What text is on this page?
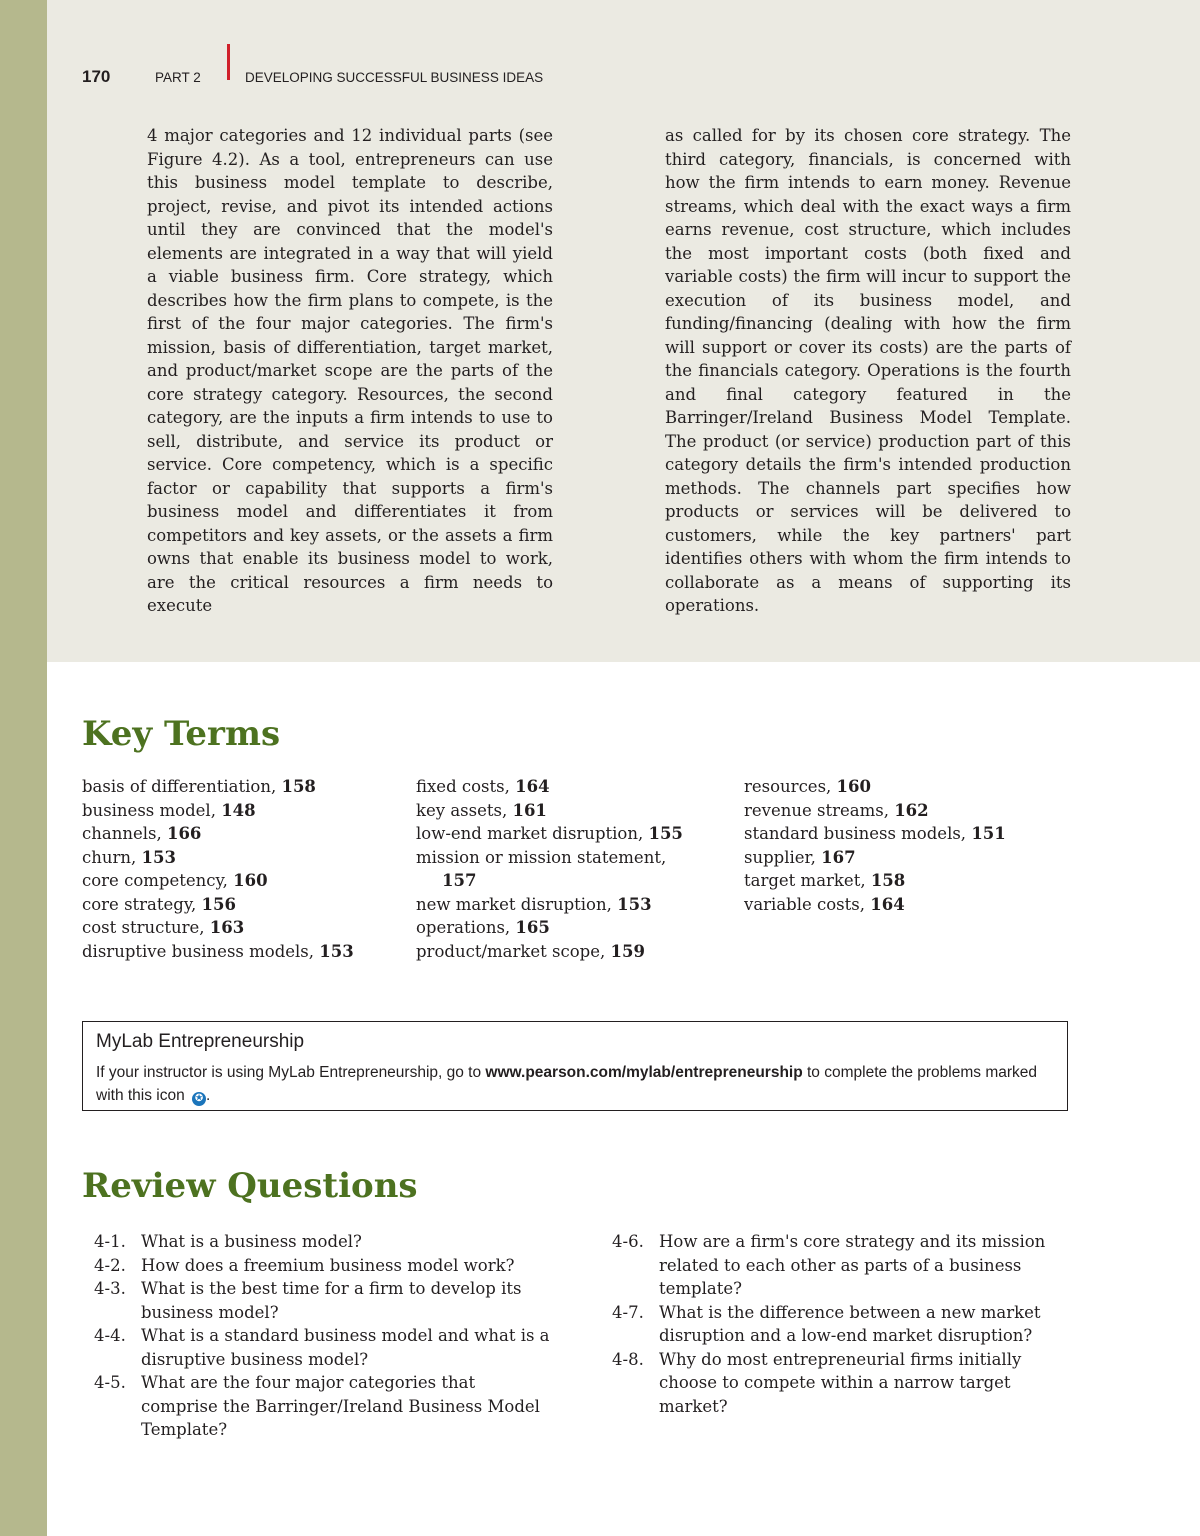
170	PART 2	DEVELOPING SUCCESSFUL BUSINESS IDEAS

4 major categories and 12 individual parts (see Figure 4.2). As a tool, entrepreneurs can use this business model template to describe, project, revise, and pivot its intended actions until they are convinced that the model's elements are integrated in a way that will yield a viable business firm. Core strategy, which describes how the firm plans to compete, is the first of the four major categories. The firm's mission, basis of differentiation, target market, and product/market scope are the parts of the core strategy category. Resources, the second category, are the inputs a firm intends to use to sell, distribute, and service its product or service. Core competency, which is a specific factor or capability that supports a firm's business model and differentiates it from competitors and key assets, or the assets a firm owns that enable its business model to work, are the critical resources a firm needs to execute

as called for by its chosen core strategy. The third category, financials, is concerned with how the firm intends to earn money. Revenue streams, which deal with the exact ways a firm earns revenue, cost structure, which includes the most important costs (both fixed and variable costs) the firm will incur to support the execution of its business model, and funding/financing (dealing with how the firm will support or cover its costs) are the parts of the financials category. Operations is the fourth and final category featured in the Barringer/Ireland Business Model Template. The product (or service) production part of this category details the firm's intended production methods. The channels part specifies how products or services will be delivered to customers, while the key partners' part identifies others with whom the firm intends to collaborate as a means of supporting its operations.

Key Terms
basis of differentiation, 158
business model, 148
channels, 166
churn, 153
core competency, 160
core strategy, 156
cost structure, 163
disruptive business models, 153
fixed costs, 164
key assets, 161
low-end market disruption, 155
mission or mission statement,
157
new market disruption, 153
operations, 165
product/market scope, 159
resources, 160
revenue streams, 162
standard business models, 151
supplier, 167
target market, 158
variable costs, 164
MyLab Entrepreneurship
If your instructor is using MyLab Entrepreneurship, go to www.pearson.com/mylab/entrepreneurship to complete the problems marked with this icon ✪ .
Review Questions
4-1. What is a business model?
4-2. How does a freemium business model work?
4-3. What is the best time for a firm to develop its business model?
4-4. What is a standard business model and what is a disruptive business model?
4-5. What are the four major categories that comprise the Barringer/Ireland Business Model Template?
4-6. How are a firm's core strategy and its mission related to each other as parts of a business template?
4-7. What is the difference between a new market disruption and a low-end market disruption?
4-8. Why do most entrepreneurial firms initially choose to compete within a narrow target market?
